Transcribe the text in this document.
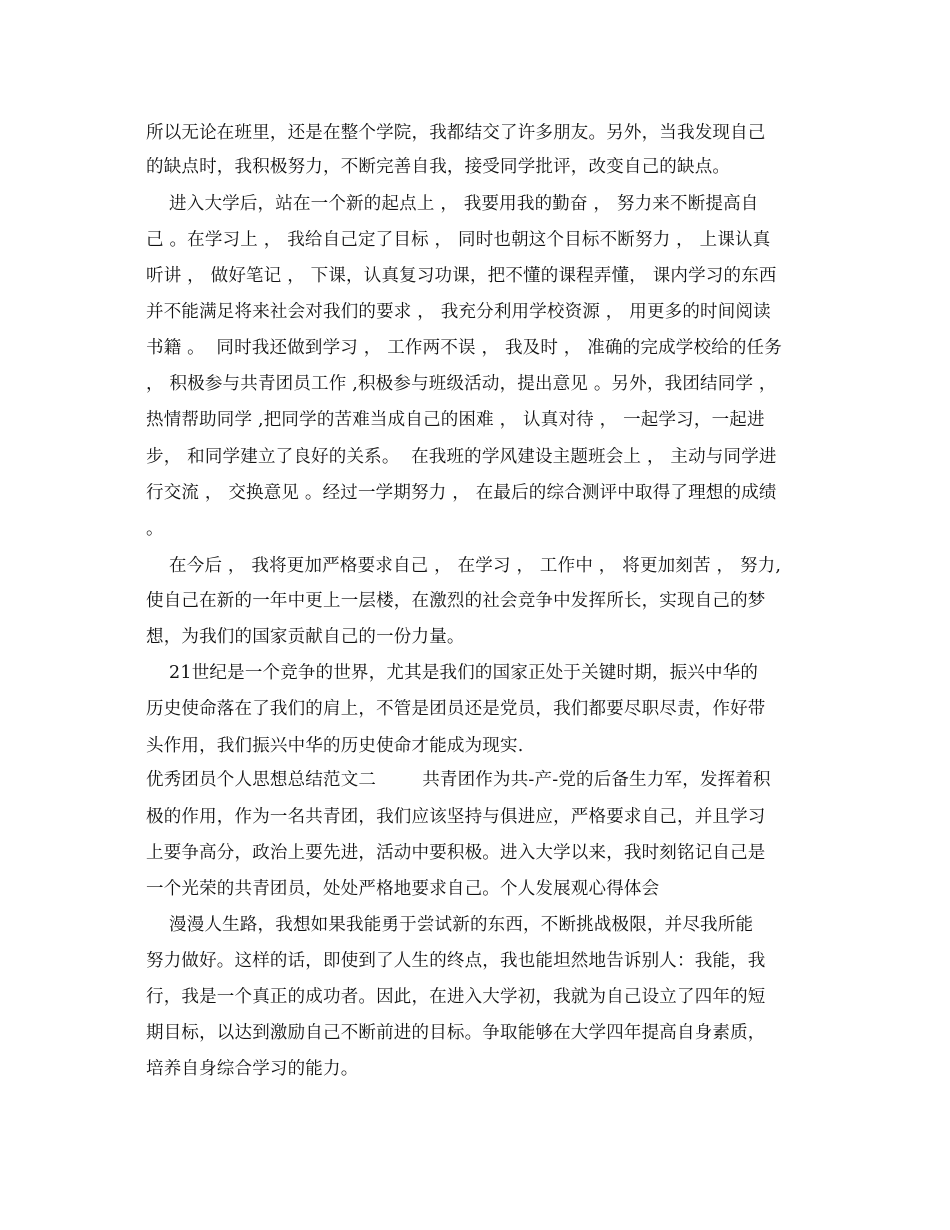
所以无论在班里，还是在整个学院，我都结交了许多朋友。另外，当我发现自己
的缺点时，我积极努力，不断完善自我，接受同学批评，改变自己的缺点。
进入大学后，站在一个新的起点上 ， 我要用我的勤奋 ， 努力来不断提高自
己 。在学习上 ， 我给自己定了目标 ， 同时也朝这个目标不断努力 ， 上课认真
听讲 ， 做好笔记 ， 下课，认真复习功课，把不懂的课程弄懂， 课内学习的东西
并不能满足将来社会对我们的要求 ， 我充分利用学校资源 ， 用更多的时间阅读
书籍 。  同时我还做到学习 ， 工作两不误 ， 我及时 ， 准确的完成学校给的任务
， 积极参与共青团员工作 ,积极参与班级活动，提出意见 。另外，我团结同学 ，
热情帮助同学 ,把同学的苦难当成自己的困难 ， 认真对待 ， 一起学习，一起进
步， 和同学建立了良好的关系。  在我班的学风建设主题班会上 ， 主动与同学进
行交流 ， 交换意见 。经过一学期努力 ， 在最后的综合测评中取得了理想的成绩
。
在今后 ， 我将更加严格要求自己 ， 在学习 ， 工作中 ， 将更加刻苦 ， 努力,
使自己在新的一年中更上一层楼，在激烈的社会竞争中发挥所长，实现自己的梦
想，为我们的国家贡献自己的一份力量。
21世纪是一个竞争的世界，尤其是我们的国家正处于关键时期，振兴中华的
历史使命落在了我们的肩上，不管是团员还是党员，我们都要尽职尽责，作好带
头作用，我们振兴中华的历史使命才能成为现实.
优秀团员个人思想总结范文二        共青团作为共-产-党的后备生力军，发挥着积
极的作用，作为一名共青团，我们应该坚持与俱进应，严格要求自己，并且学习
上要争高分，政治上要先进，活动中要积极。进入大学以来，我时刻铭记自己是
一个光荣的共青团员，处处严格地要求自己。个人发展观心得体会
漫漫人生路，我想如果我能勇于尝试新的东西，不断挑战极限，并尽我所能
努力做好。这样的话，即使到了人生的终点，我也能坦然地告诉别人：我能，我
行，我是一个真正的成功者。因此，在进入大学初，我就为自己设立了四年的短
期目标，以达到激励自己不断前进的目标。争取能够在大学四年提高自身素质，
培养自身综合学习的能力。
